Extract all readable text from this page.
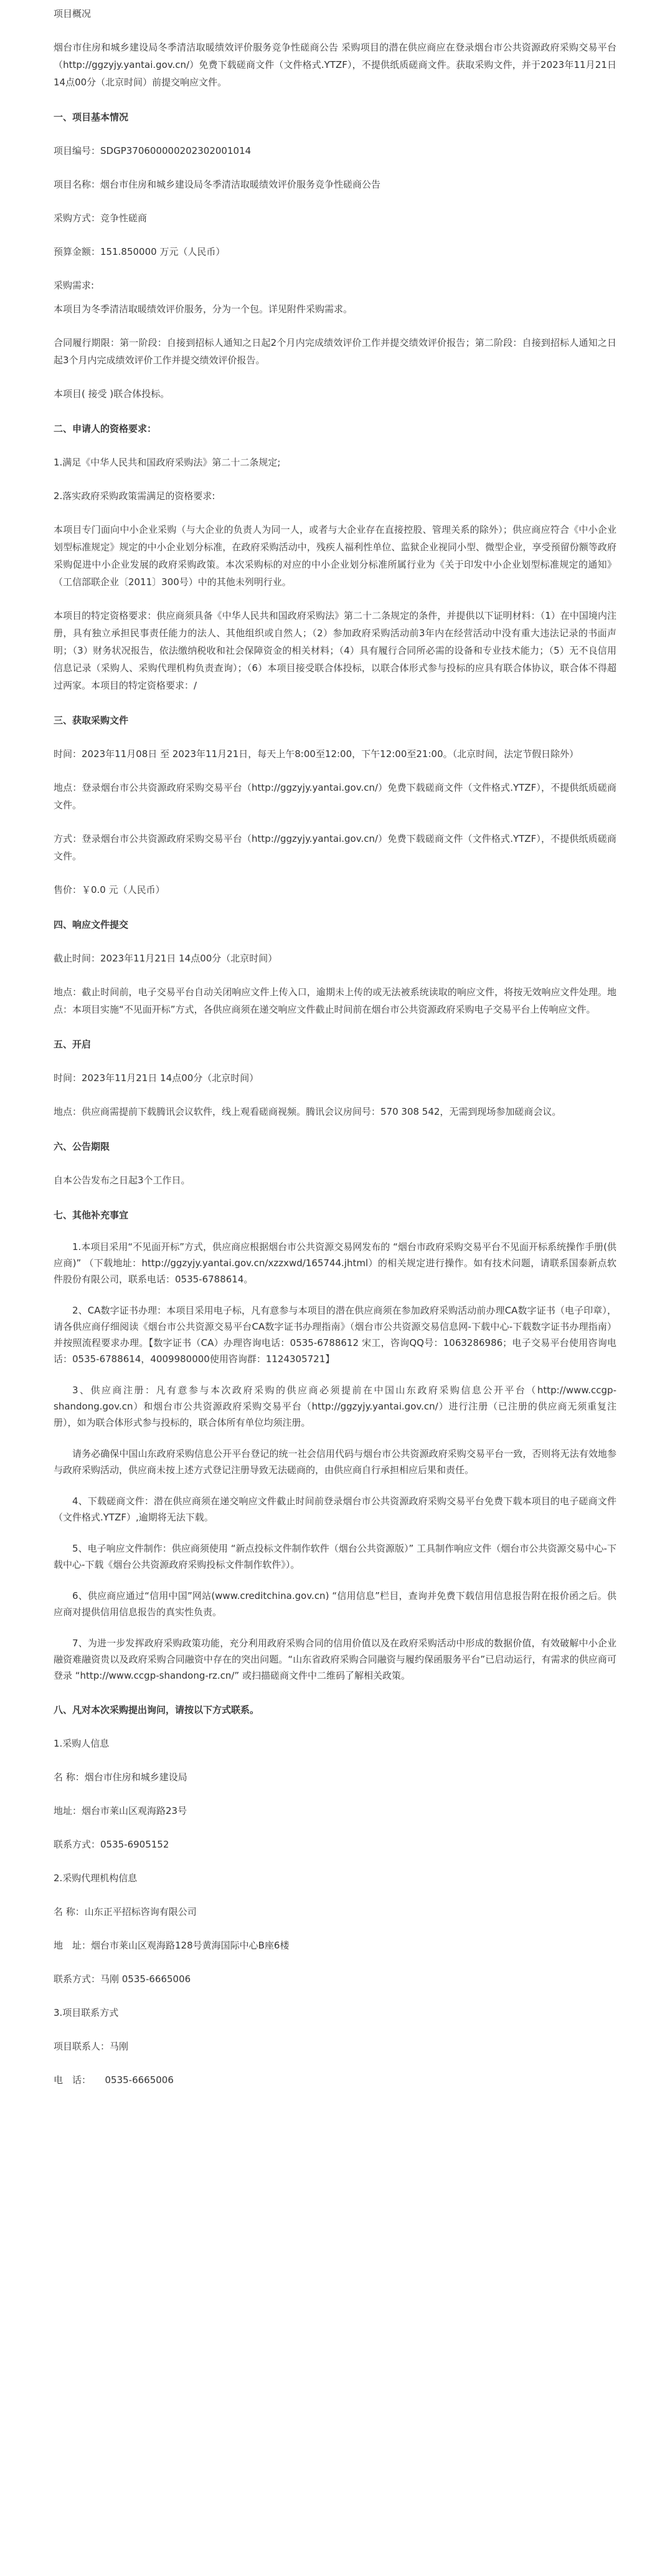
项目概况

烟台市住房和城乡建设局冬季清洁取暖绩效评价服务竞争性磋商公告 采购项目的潜在供应商应在登录烟台市公共资源政府采购交易平台（http://ggzyjy.yantai.gov.cn/）免费下载磋商文件（文件格式.YTZF），不提供纸质磋商文件。获取采购文件，并于2023年11月21日 14点00分（北京时间）前提交响应文件。

一、项目基本情况

项目编号：SDGP370600000202302001014

项目名称：烟台市住房和城乡建设局冬季清洁取暖绩效评价服务竞争性磋商公告

采购方式：竞争性磋商

预算金额：151.850000 万元（人民币）

采购需求:

本项目为冬季清洁取暖绩效评价服务，分为一个包。详见附件采购需求。

合同履行期限：第一阶段：自接到招标人通知之日起2个月内完成绩效评价工作并提交绩效评价报告；第二阶段：自接到招标人通知之日起3个月内完成绩效评价工作并提交绩效评价报告。

本项目( 接受 )联合体投标。

二、申请人的资格要求：

1.满足《中华人民共和国政府采购法》第二十二条规定;

2.落实政府采购政策需满足的资格要求:

本项目专门面向中小企业采购（与大企业的负责人为同一人，或者与大企业存在直接控股、管理关系的除外）；供应商应符合《中小企业划型标准规定》规定的中小企业划分标准，在政府采购活动中，残疾人福利性单位、监狱企业视同小型、微型企业，享受预留份额等政府采购促进中小企业发展的政府采购政策。本次采购标的对应的中小企业划分标准所属行业为《关于印发中小企业划型标准规定的通知》（工信部联企业〔2011〕300号）中的其他未列明行业。

本项目的特定资格要求：供应商须具备《中华人民共和国政府采购法》第二十二条规定的条件，并提供以下证明材料：（1）在中国境内注册，具有独立承担民事责任能力的法人、其他组织或自然人；（2）参加政府采购活动前3年内在经营活动中没有重大违法记录的书面声明；（3）财务状况报告，依法缴纳税收和社会保障资金的相关材料；（4）具有履行合同所必需的设备和专业技术能力；（5）无不良信用信息记录（采购人、采购代理机构负责查询）；（6）本项目接受联合体投标，以联合体形式参与投标的应具有联合体协议，联合体不得超过两家。本项目的特定资格要求：/

三、获取采购文件

时间：2023年11月08日 至 2023年11月21日，每天上午8:00至12:00，下午12:00至21:00。（北京时间，法定节假日除外）

地点：登录烟台市公共资源政府采购交易平台（http://ggzyjy.yantai.gov.cn/）免费下载磋商文件（文件格式.YTZF），不提供纸质磋商文件。

方式：登录烟台市公共资源政府采购交易平台（http://ggzyjy.yantai.gov.cn/）免费下载磋商文件（文件格式.YTZF），不提供纸质磋商文件。

售价：￥0.0 元（人民币）

四、响应文件提交

截止时间：2023年11月21日 14点00分（北京时间）

地点：截止时间前，电子交易平台自动关闭响应文件上传入口，逾期未上传的或无法被系统读取的响应文件，将按无效响应文件处理。地点：本项目实施“不见面开标”方式，各供应商须在递交响应文件截止时间前在烟台市公共资源政府采购电子交易平台上传响应文件。

五、开启

时间：2023年11月21日 14点00分（北京时间）

地点：供应商需提前下载腾讯会议软件，线上观看磋商视频。腾讯会议房间号：570 308 542，无需到现场参加磋商会议。

六、公告期限

自本公告发布之日起3个工作日。

七、其他补充事宜

1.本项目采用“不见面开标”方式，供应商应根据烟台市公共资源交易网发布的 “烟台市政府采购交易平台不见面开标系统操作手册(供应商)” （下载地址：http://ggzyjy.yantai.gov.cn/xzzxwd/165744.jhtml）的相关规定进行操作。如有技术问题，请联系国泰新点软件股份有限公司，联系电话：0535-6788614。

2、CA数字证书办理：本项目采用电子标，凡有意参与本项目的潜在供应商须在参加政府采购活动前办理CA数字证书（电子印章），请各供应商仔细阅读《烟台市公共资源交易平台CA数字证书办理指南》（烟台市公共资源交易信息网-下载中心-下载数字证书办理指南）并按照流程要求办理。【数字证书（CA）办理咨询电话：0535-6788612 宋工，咨询QQ号：1063286986；电子交易平台使用咨询电话：0535-6788614，4009980000使用咨询群：1124305721】

3、供应商注册：凡有意参与本次政府采购的供应商必须提前在中国山东政府采购信息公开平台（http://www.ccgp-shandong.gov.cn）和烟台市公共资源政府采购交易平台（http://ggzyjy.yantai.gov.cn/）进行注册（已注册的供应商无须重复注册），如为联合体形式参与投标的，联合体所有单位均须注册。

请务必确保中国山东政府采购信息公开平台登记的统一社会信用代码与烟台市公共资源政府采购交易平台一致，否则将无法有效地参与政府采购活动，供应商未按上述方式登记注册导致无法磋商的，由供应商自行承担相应后果和责任。

4、下载磋商文件：潜在供应商须在递交响应文件截止时间前登录烟台市公共资源政府采购交易平台免费下载本项目的电子磋商文件（文件格式.YTZF）,逾期将无法下载。

5、电子响应文件制作：供应商须使用 “新点投标文件制作软件（烟台公共资源版）” 工具制作响应文件（烟台市公共资源交易中心-下载中心-下载《烟台公共资源政府采购投标文件制作软件》）。

6、供应商应通过“信用中国”网站(www.creditchina.gov.cn) “信用信息”栏目，查询并免费下载信用信息报告附在报价函之后。供应商对提供信用信息报告的真实性负责。

7、为进一步发挥政府采购政策功能，充分利用政府采购合同的信用价值以及在政府采购活动中形成的数据价值，有效破解中小企业融资难融资贵以及政府采购合同融资中存在的突出问题。“山东省政府采购合同融资与履约保函服务平台”已启动运行，有需求的供应商可登录 “http://www.ccgp-shandong-rz.cn/” 或扫描磋商文件中二维码了解相关政策。

八、凡对本次采购提出询问，请按以下方式联系。

1.采购人信息

名 称：烟台市住房和城乡建设局

地址：烟台市莱山区观海路23号

联系方式：0535-6905152

2.采购代理机构信息

名 称：山东正平招标咨询有限公司

地　址：烟台市莱山区观海路128号黄海国际中心B座6楼

联系方式：马刚 0535-6665006

3.项目联系方式

项目联系人：马刚

电　话：　　0535-6665006
